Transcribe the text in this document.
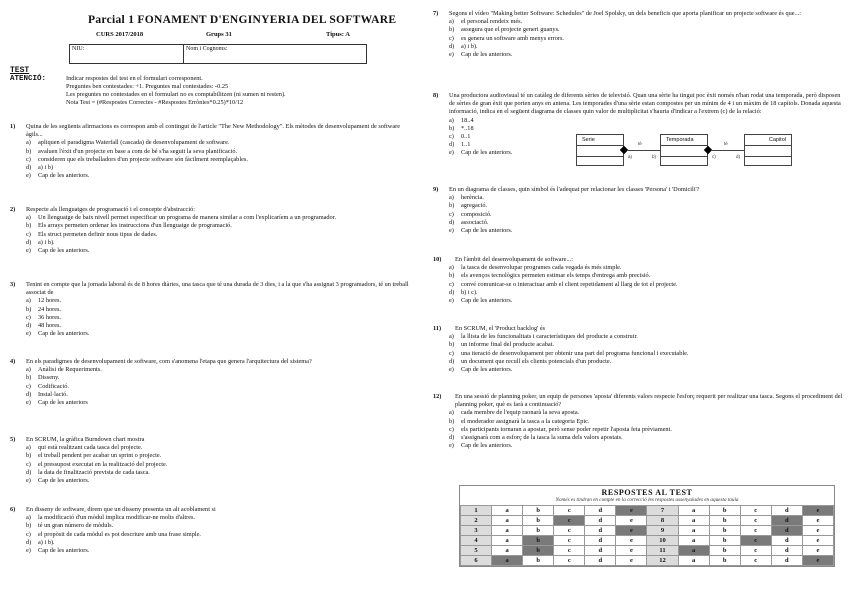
Parcial 1 FONAMENT D'ENGINYERIA DEL SOFTWARE
CURS 2017/2018	Grups 31	Tipus: A
NIU:	Nom i Cognoms:
TEST
ATENCIÓ:	Indicar respostes del test en el formulari corresponent.
Preguntes ben contestades: +1. Preguntes mal contestades: -0.25
Les preguntes no contestades en el formulari no es comptabilitzen (ni sumen ni resten).
Nota Test = (#Respostes Correctes - #Respostes Errònies*0.25)*10/12
1)	Quina de les següents afirmacions es correspon amb el contingut de l'article "The New Methodology". Els mètodes de desenvolupament de software àgils...
a)	apliquen el paradigma Waterfall (cascada) de desenvolupament de software.
b)	avaluen l'èxit d'un projecte en base a com de bé s'ha seguit la seva planificació.
c)	consideren que els treballadors d'un projecte software són fàcilment reemplaçables.
d)	a) i b)
e)	Cap de les anteriors.
2)	Respecte als llenguatges de programació i el concepte d'abstracció:
a)	Un llenguatge de baix nivell permet especificar un programa de manera similar a com l'explicaríem a un programador.
b)	Els arrays permeten ordenar les instruccions d'un llenguatge de programació.
c)	Els struct permeten definir nous tipus de dades.
d)	a) i b).
e)	Cap de les anteriors.
3)	Tenint en compte que la jornada laboral és de 8 hores diàries, una tasca que té una durada de 3 dies, i a la que s'ha assignat 3 programadors, té un treball associat de
a)	12 hores.
b)	24 hores.
c)	36 hores.
d)	48 hores.
e)	Cap de les anteriors.
4)	En els paradigmes de desenvolupament de software, com s'anomena l'etapa que genera l'arquitectura del sistema?
a)	Anàlisi de Requeriments.
b)	Disseny.
c)	Codificació.
d)	Instal·lació.
e)	Cap de les anteriors
5)	En SCRUM, la gràfica Burndown chart mostra
a)	qui està realitzant cada tasca del projecte.
b)	el treball pendent per acabar un sprint o projecte.
c)	el pressupost executat en la realització del projecte.
d)	la data de finalització prevista de cada tasca.
e)	Cap de les anteriors.
6)	En disseny de software, direm que un disseny presenta un alt acoblament si
a)	la modificació d'un mòdul implica modificar-ne molts d'altres.
b)	té un gran número de mòduls.
c)	el propòsit de cada mòdul es pot descriure amb una frase simple.
d)	a) i b).
e)	Cap de les anteriors.
7)	Segons el vídeo "Making better Software: Schedules" de Joel Spolsky, un dels beneficis que aporta planificar un projecte software és que...:
a)	el personal rendeix més.
b)	assegura que el projecte generi guanys.
c)	es genera un software amb menys errors.
d)	a) i b).
e)	Cap de les anteriors.
8)	Una productora audiovisual té un catàleg de diferents sèries de televisió. Quan una sèrie ha tingut poc èxit només n'han rodat una temporada, però disposen de sèries de gran èxit que porten anys en antena. Les temporades d'una sèrie estan compostes per un mínim de 4 i un màxim de 18 capítols. Donada aquesta informació, indica en el següent diagrama de classes quin valor de multiplicitat s'hauria d'indicar a l'extrem (c) de la relació:
a)	18..4
b)	*..18
c)	0..1
d)	1..1
e)	Cap de les anteriors.
Serie
té
a)	b)
Temporada
té
c)	d)
Capitol
9)	En un diagrama de classes, quin símbol és l'adequat per relacionar les classes 'Persona' i 'Domicili'?
a)	herència.
b)	agregació.
c)	composició.
d)	associació.
e)	Cap de les anteriors.
10)	En l'àmbit del desenvolupament de software...:
a)	la tasca de desenvolupar programes cada vegada és més simple.
b)	els avenços tecnològics permeten estimar els temps d'entrega amb precisió.
c)	convé comunicar-se o interactuar amb el client repetidament al llarg de tot el projecte.
d)	b) i c).
e)	Cap de les anteriors.
11)	En SCRUM, el 'Product backlog' és
a)	la llista de les funcionalitats i característiques del producte a construir.
b)	un informe final del producte acabat.
c)	una iteració de desenvolupament per obtenir una part del programa funcional i executable.
d)	un document que recull els clients potencials d'un producte.
e)	Cap de les anteriors.
12)	En una sessió de planning poker, un equip de persones 'aposta' diferents valors respecte l'esforç requerit per realitzar una tasca. Segons el procediment del planning poker, què es farà a continuació?
a)	cada membre de l'equip raonarà la seva aposta.
b)	el moderador assignarà la tasca a la categoria Epic.
c)	els participants tornaran a apostar, però sense poder repetir l'aposta feta prèviament.
d)	s'assignarà com a esforç de la tasca la suma dels valors apostats.
e)	Cap de les anteriors.
RESPOSTES AL TEST
Només es tindran en compte en la correcció les respostes assenyalades en aquesta taula
1	a	b	c	d	e	7	a	b	c	d	e
2	a	b	c	d	e	8	a	b	c	d	e
3	a	b	c	d	e	9	a	b	c	d	e
4	a	b	c	d	e	10	a	b	c	d	e
5	a	b	c	d	e	11	a	b	c	d	e
6	a	b	c	d	e	12	a	b	c	d	e
